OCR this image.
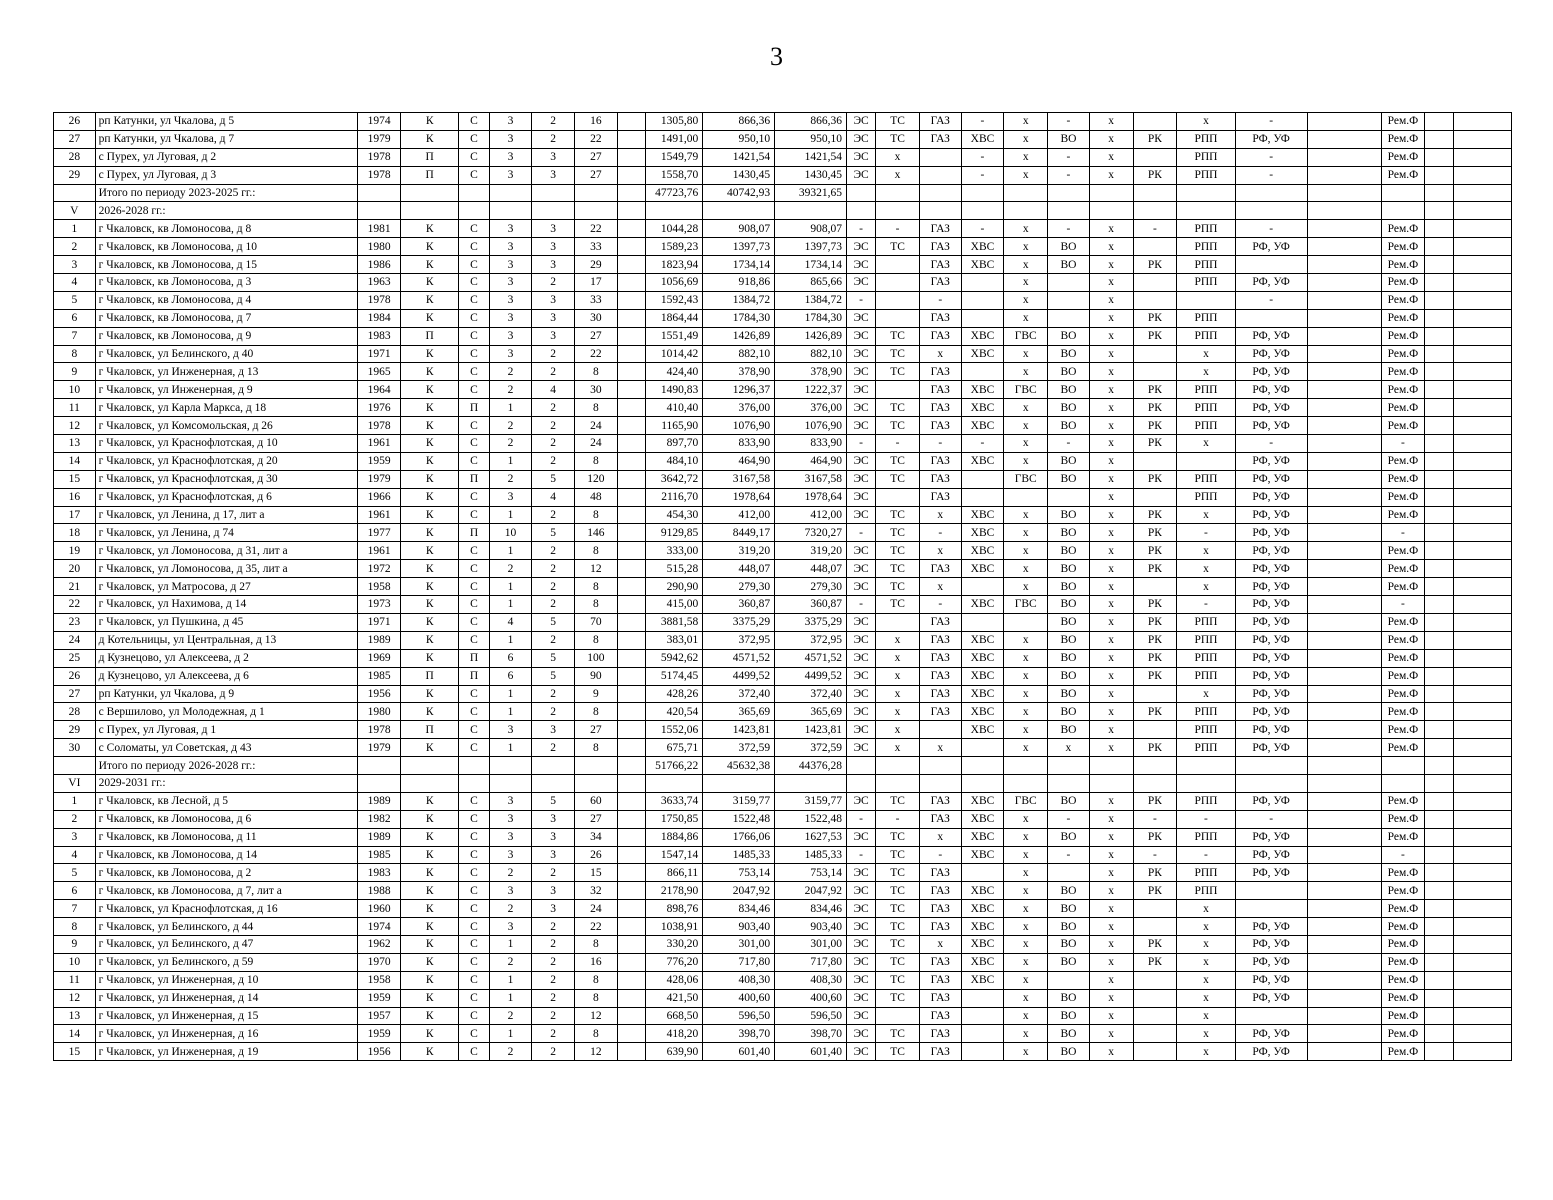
3
26	рп Катунки, ул Чкалова, д 5	1974	К	С	3	2	16		1305,80	866,36	866,36	ЭС	ТС	ГАЗ	-	х	-	х		х	-		Рем.Ф		
27	рп Катунки, ул Чкалова, д 7	1979	К	С	3	2	22		1491,00	950,10	950,10	ЭС	ТС	ГАЗ	ХВС	х	ВО	х	РК	РПП	РФ, УФ		Рем.Ф		
28	с Пурех, ул Луговая, д 2	1978	П	С	3	3	27		1549,79	1421,54	1421,54	ЭС	х		-	х	-	х		РПП	-		Рем.Ф		
29	с Пурех, ул Луговая, д 3	1978	П	С	3	3	27		1558,70	1430,45	1430,45	ЭС	х		-	х	-	х	РК	РПП	-		Рем.Ф		
	Итого по периоду 2023-2025 гг.:								47723,76	40742,93	39321,65														
V	2026-2028 гг.:																								
1	г Чкаловск, кв Ломоносова, д 8	1981	К	С	3	3	22		1044,28	908,07	908,07	-	-	ГАЗ	-	х	-	х	-	РПП	-		Рем.Ф		
2	г Чкаловск, кв Ломоносова, д 10	1980	К	С	3	3	33		1589,23	1397,73	1397,73	ЭС	ТС	ГАЗ	ХВС	х	ВО	х		РПП	РФ, УФ		Рем.Ф		
3	г Чкаловск, кв Ломоносова, д 15	1986	К	С	3	3	29		1823,94	1734,14	1734,14	ЭС		ГАЗ	ХВС	х	ВО	х	РК	РПП			Рем.Ф		
4	г Чкаловск, кв Ломоносова, д 3	1963	К	С	3	2	17		1056,69	918,86	865,66	ЭС		ГАЗ		х		х		РПП	РФ, УФ		Рем.Ф		
5	г Чкаловск, кв Ломоносова, д 4	1978	К	С	3	3	33		1592,43	1384,72	1384,72	-		-		х		х			-		Рем.Ф		
6	г Чкаловск, кв Ломоносова, д 7	1984	К	С	3	3	30		1864,44	1784,30	1784,30	ЭС		ГАЗ		х		х	РК	РПП			Рем.Ф		
7	г Чкаловск, кв Ломоносова, д 9	1983	П	С	3	3	27		1551,49	1426,89	1426,89	ЭС	ТС	ГАЗ	ХВС	ГВС	ВО	х	РК	РПП	РФ, УФ		Рем.Ф		
8	г Чкаловск, ул Белинского, д 40	1971	К	С	3	2	22		1014,42	882,10	882,10	ЭС	ТС	х	ХВС	х	ВО	х		х	РФ, УФ		Рем.Ф		
9	г Чкаловск, ул Инженерная, д 13	1965	К	С	2	2	8		424,40	378,90	378,90	ЭС	ТС	ГАЗ		х	ВО	х		х	РФ, УФ		Рем.Ф		
10	г Чкаловск, ул Инженерная, д 9	1964	К	С	2	4	30		1490,83	1296,37	1222,37	ЭС		ГАЗ	ХВС	ГВС	ВО	х	РК	РПП	РФ, УФ		Рем.Ф		
11	г Чкаловск, ул Карла Маркса, д 18	1976	К	П	1	2	8		410,40	376,00	376,00	ЭС	ТС	ГАЗ	ХВС	х	ВО	х	РК	РПП	РФ, УФ		Рем.Ф		
12	г Чкаловск, ул Комсомольская, д 26	1978	К	С	2	2	24		1165,90	1076,90	1076,90	ЭС	ТС	ГАЗ	ХВС	х	ВО	х	РК	РПП	РФ, УФ		Рем.Ф		
13	г Чкаловск, ул Краснофлотская, д 10	1961	К	С	2	2	24		897,70	833,90	833,90	-	-	-	-	х	-	х	РК	х	-		-		
14	г Чкаловск, ул Краснофлотская, д 20	1959	К	С	1	2	8		484,10	464,90	464,90	ЭС	ТС	ГАЗ	ХВС	х	ВО	х			РФ, УФ		Рем.Ф		
15	г Чкаловск, ул Краснофлотская, д 30	1979	К	П	2	5	120		3642,72	3167,58	3167,58	ЭС	ТС	ГАЗ		ГВС	ВО	х	РК	РПП	РФ, УФ		Рем.Ф		
16	г Чкаловск, ул Краснофлотская, д 6	1966	К	С	3	4	48		2116,70	1978,64	1978,64	ЭС		ГАЗ				х		РПП	РФ, УФ		Рем.Ф		
17	г Чкаловск, ул Ленина, д 17, лит а	1961	К	С	1	2	8		454,30	412,00	412,00	ЭС	ТС	х	ХВС	х	ВО	х	РК	х	РФ, УФ		Рем.Ф		
18	г Чкаловск, ул Ленина, д 74	1977	К	П	10	5	146		9129,85	8449,17	7320,27	-	ТС	-	ХВС	х	ВО	х	РК	-	РФ, УФ		-		
19	г Чкаловск, ул Ломоносова, д 31, лит а	1961	К	С	1	2	8		333,00	319,20	319,20	ЭС	ТС	х	ХВС	х	ВО	х	РК	х	РФ, УФ		Рем.Ф		
20	г Чкаловск, ул Ломоносова, д 35, лит а	1972	К	С	2	2	12		515,28	448,07	448,07	ЭС	ТС	ГАЗ	ХВС	х	ВО	х	РК	х	РФ, УФ		Рем.Ф		
21	г Чкаловск, ул Матросова, д 27	1958	К	С	1	2	8		290,90	279,30	279,30	ЭС	ТС	х		х	ВО	х		х	РФ, УФ		Рем.Ф		
22	г Чкаловск, ул Нахимова, д 14	1973	К	С	1	2	8		415,00	360,87	360,87	-	ТС	-	ХВС	ГВС	ВО	х	РК	-	РФ, УФ		-		
23	г Чкаловск, ул Пушкина, д 45	1971	К	С	4	5	70		3881,58	3375,29	3375,29	ЭС		ГАЗ			ВО	х	РК	РПП	РФ, УФ		Рем.Ф		
24	д Котельницы, ул Центральная, д 13	1989	К	С	1	2	8		383,01	372,95	372,95	ЭС	х	ГАЗ	ХВС	х	ВО	х	РК	РПП	РФ, УФ		Рем.Ф		
25	д Кузнецово, ул Алексеева, д 2	1969	К	П	6	5	100		5942,62	4571,52	4571,52	ЭС	х	ГАЗ	ХВС	х	ВО	х	РК	РПП	РФ, УФ		Рем.Ф		
26	д Кузнецово, ул Алексеева, д 6	1985	П	П	6	5	90		5174,45	4499,52	4499,52	ЭС	х	ГАЗ	ХВС	х	ВО	х	РК	РПП	РФ, УФ		Рем.Ф		
27	рп Катунки, ул Чкалова, д 9	1956	К	С	1	2	9		428,26	372,40	372,40	ЭС	х	ГАЗ	ХВС	х	ВО	х		х	РФ, УФ		Рем.Ф		
28	с Вершилово, ул Молодежная, д 1	1980	К	С	1	2	8		420,54	365,69	365,69	ЭС	х	ГАЗ	ХВС	х	ВО	х	РК	РПП	РФ, УФ		Рем.Ф		
29	с Пурех, ул Луговая, д 1	1978	П	С	3	3	27		1552,06	1423,81	1423,81	ЭС	х		ХВС	х	ВО	х		РПП	РФ, УФ		Рем.Ф		
30	с Соломаты, ул Советская, д 43	1979	К	С	1	2	8		675,71	372,59	372,59	ЭС	х	х		х	х	х	РК	РПП	РФ, УФ		Рем.Ф		
	Итого по периоду 2026-2028 гг.:								51766,22	45632,38	44376,28														
VI	2029-2031 гг.:																								
1	г Чкаловск, кв Лесной, д 5	1989	К	С	3	5	60		3633,74	3159,77	3159,77	ЭС	ТС	ГАЗ	ХВС	ГВС	ВО	х	РК	РПП	РФ, УФ		Рем.Ф		
2	г Чкаловск, кв Ломоносова, д 6	1982	К	С	3	3	27		1750,85	1522,48	1522,48	-	-	ГАЗ	ХВС	х	-	х	-	-	-		Рем.Ф		
3	г Чкаловск, кв Ломоносова, д 11	1989	К	С	3	3	34		1884,86	1766,06	1627,53	ЭС	ТС	х	ХВС	х	ВО	х	РК	РПП	РФ, УФ		Рем.Ф		
4	г Чкаловск, кв Ломоносова, д 14	1985	К	С	3	3	26		1547,14	1485,33	1485,33	-	ТС	-	ХВС	х	-	х	-	-	РФ, УФ		-		
5	г Чкаловск, кв Ломоносова, д 2	1983	К	С	2	2	15		866,11	753,14	753,14	ЭС	ТС	ГАЗ		х		х	РК	РПП	РФ, УФ		Рем.Ф		
6	г Чкаловск, кв Ломоносова, д 7, лит а	1988	К	С	3	3	32		2178,90	2047,92	2047,92	ЭС	ТС	ГАЗ	ХВС	х	ВО	х	РК	РПП			Рем.Ф		
7	г Чкаловск, ул Краснофлотская, д 16	1960	К	С	2	3	24		898,76	834,46	834,46	ЭС	ТС	ГАЗ	ХВС	х	ВО	х		х			Рем.Ф		
8	г Чкаловск, ул Белинского, д 44	1974	К	С	3	2	22		1038,91	903,40	903,40	ЭС	ТС	ГАЗ	ХВС	х	ВО	х		х	РФ, УФ		Рем.Ф		
9	г Чкаловск, ул Белинского, д 47	1962	К	С	1	2	8		330,20	301,00	301,00	ЭС	ТС	х	ХВС	х	ВО	х	РК	х	РФ, УФ		Рем.Ф		
10	г Чкаловск, ул Белинского, д 59	1970	К	С	2	2	16		776,20	717,80	717,80	ЭС	ТС	ГАЗ	ХВС	х	ВО	х	РК	х	РФ, УФ		Рем.Ф		
11	г Чкаловск, ул Инженерная, д 10	1958	К	С	1	2	8		428,06	408,30	408,30	ЭС	ТС	ГАЗ	ХВС	х		х		х	РФ, УФ		Рем.Ф		
12	г Чкаловск, ул Инженерная, д 14	1959	К	С	1	2	8		421,50	400,60	400,60	ЭС	ТС	ГАЗ		х	ВО	х		х	РФ, УФ		Рем.Ф		
13	г Чкаловск, ул Инженерная, д 15	1957	К	С	2	2	12		668,50	596,50	596,50	ЭС		ГАЗ		х	ВО	х		х			Рем.Ф		
14	г Чкаловск, ул Инженерная, д 16	1959	К	С	1	2	8		418,20	398,70	398,70	ЭС	ТС	ГАЗ		х	ВО	х		х	РФ, УФ		Рем.Ф		
15	г Чкаловск, ул Инженерная, д 19	1956	К	С	2	2	12		639,90	601,40	601,40	ЭС	ТС	ГАЗ		х	ВО	х		х	РФ, УФ		Рем.Ф		
